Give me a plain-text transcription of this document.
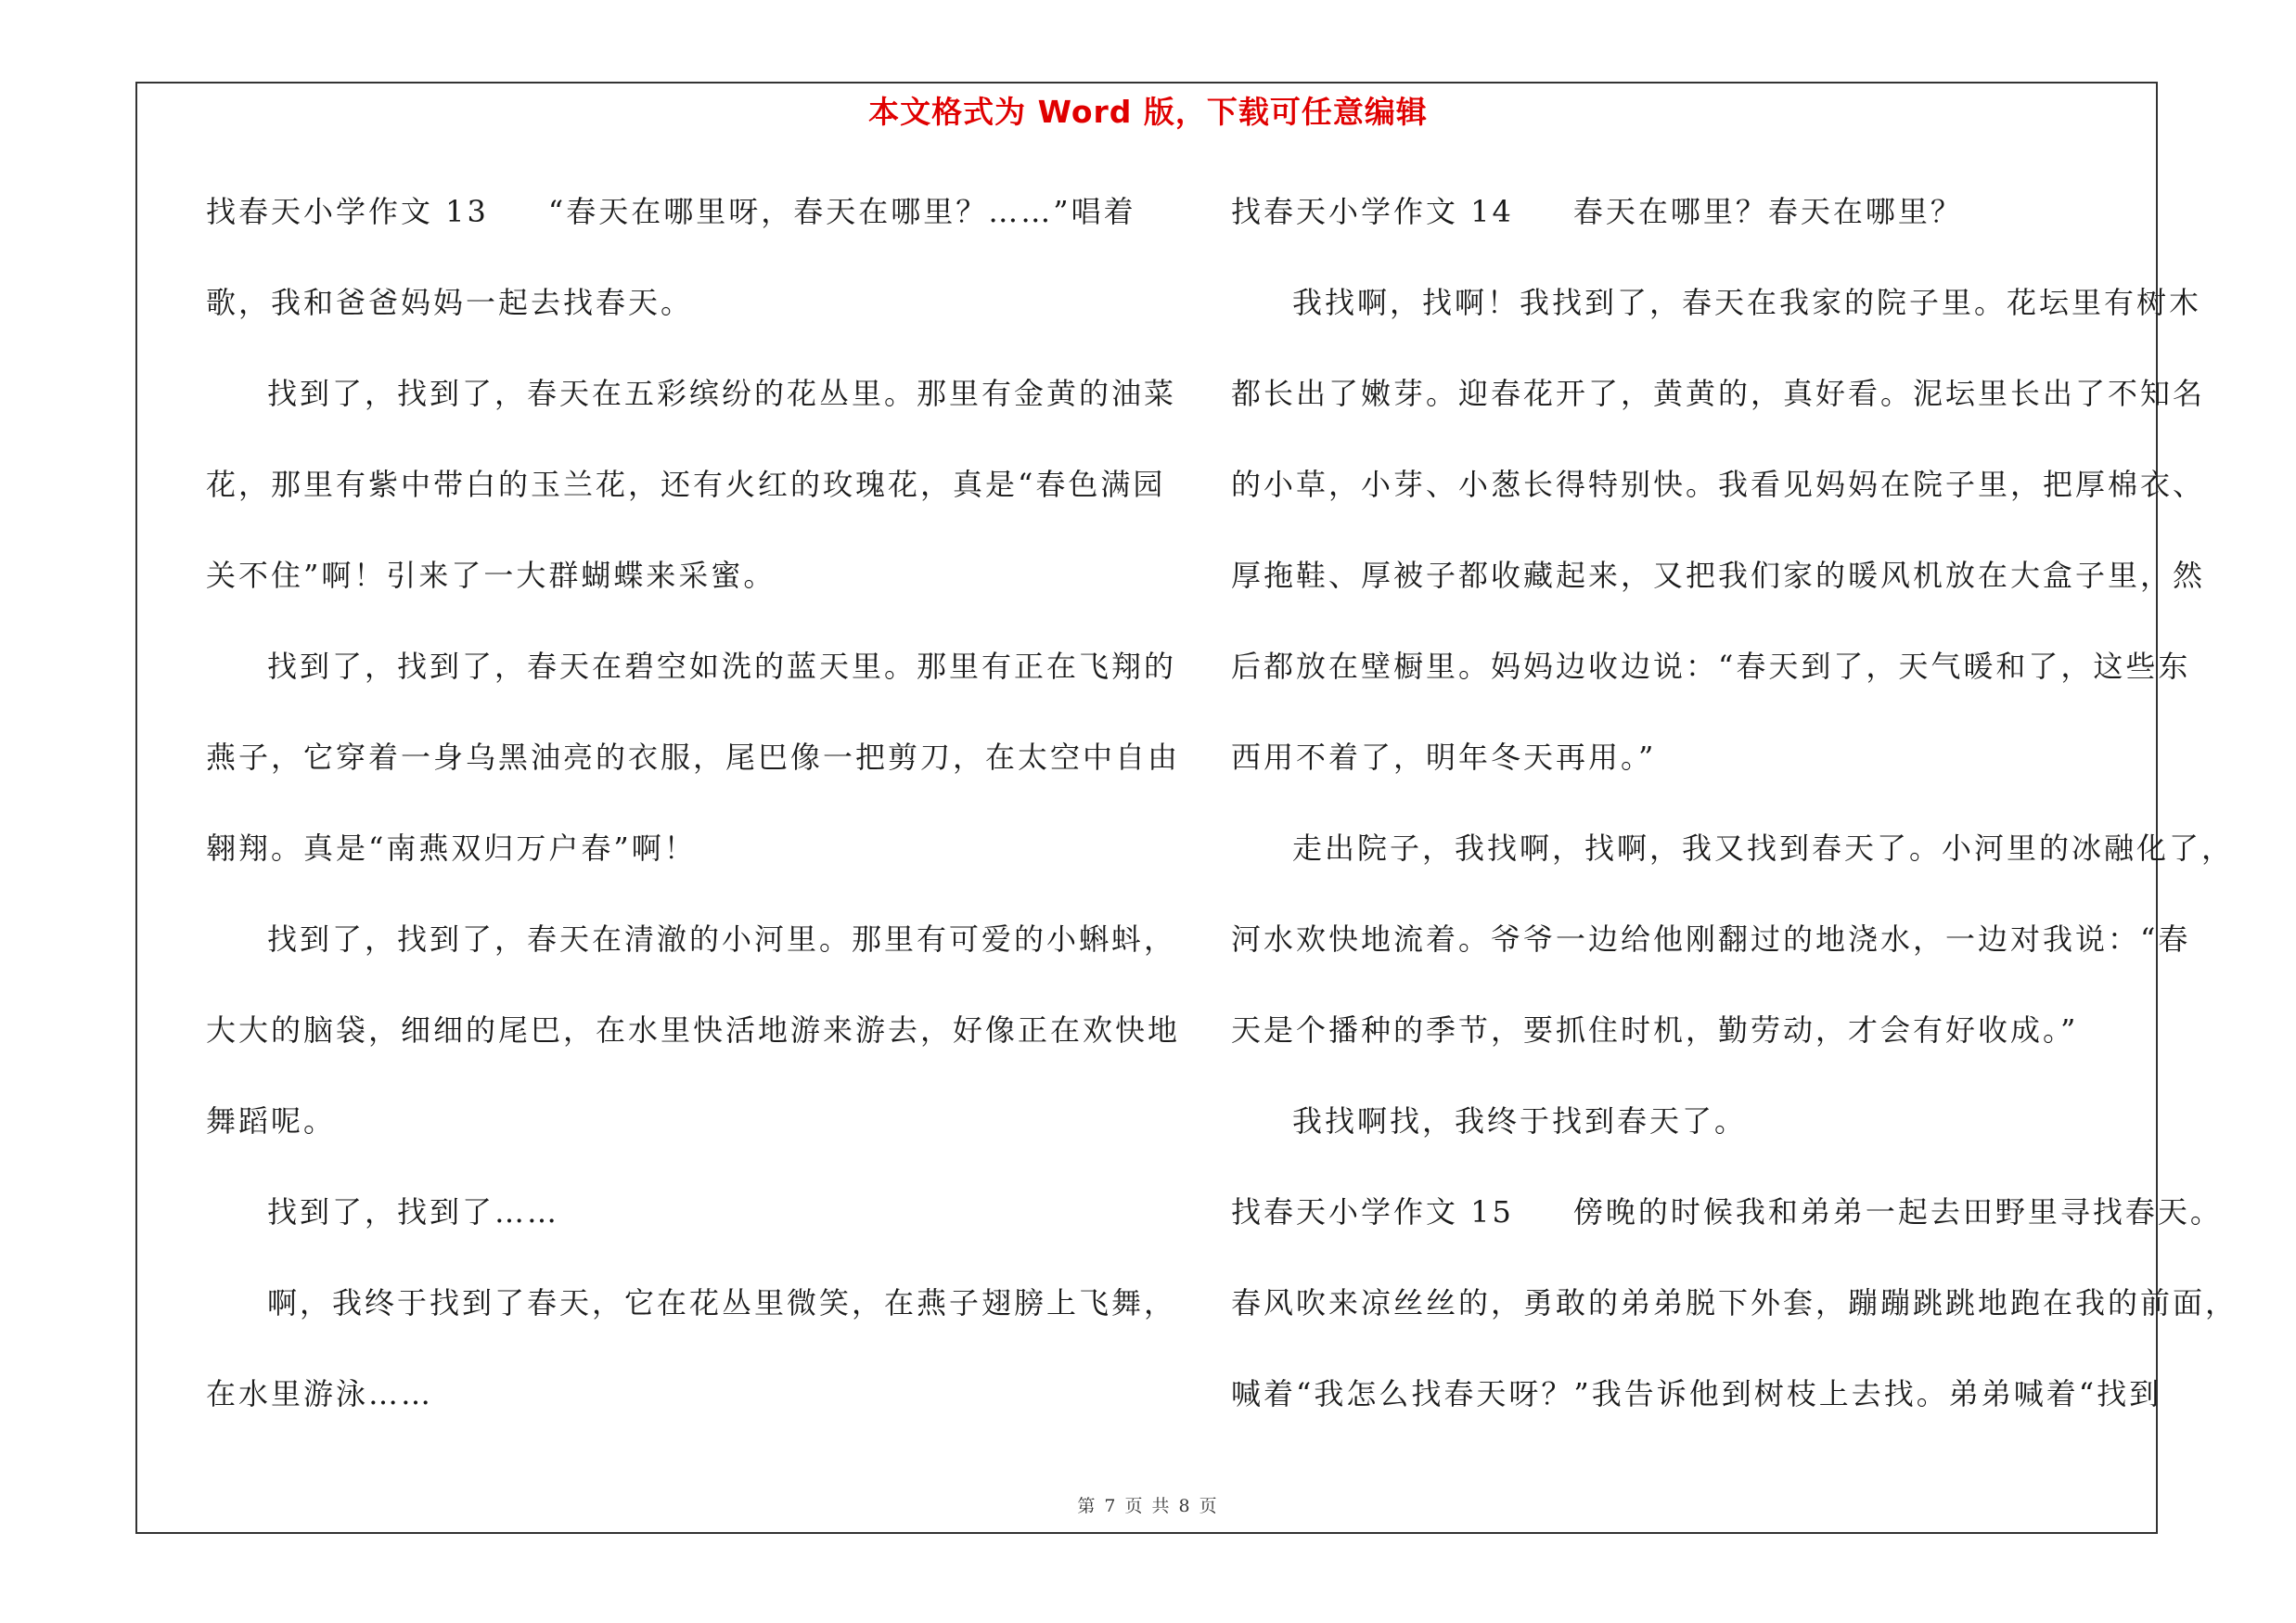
本文格式为 Word 版，下载可任意编辑
找春天小学作文 13 “春天在哪里呀，春天在哪里？……”唱着
歌，我和爸爸妈妈一起去找春天。
找到了，找到了，春天在五彩缤纷的花丛里。那里有金黄的油菜
花，那里有紫中带白的玉兰花，还有火红的玫瑰花，真是“春色满园
关不住”啊！引来了一大群蝴蝶来采蜜。
找到了，找到了，春天在碧空如洗的蓝天里。那里有正在飞翔的
燕子，它穿着一身乌黑油亮的衣服，尾巴像一把剪刀，在太空中自由
翱翔。真是“南燕双归万户春”啊！
找到了，找到了，春天在清澈的小河里。那里有可爱的小蝌蚪，
大大的脑袋，细细的尾巴，在水里快活地游来游去，好像正在欢快地
舞蹈呢。
找到了，找到了……
啊，我终于找到了春天，它在花丛里微笑，在燕子翅膀上飞舞，
在水里游泳……
找春天小学作文 14 春天在哪里？春天在哪里？
我找啊，找啊！我找到了，春天在我家的院子里。花坛里有树木
都长出了嫩芽。迎春花开了，黄黄的，真好看。泥坛里长出了不知名
的小草，小芽、小葱长得特别快。我看见妈妈在院子里，把厚棉衣、
厚拖鞋、厚被子都收藏起来，又把我们家的暖风机放在大盒子里，然
后都放在壁橱里。妈妈边收边说：“春天到了，天气暖和了，这些东
西用不着了，明年冬天再用。”
走出院子，我找啊，找啊，我又找到春天了。小河里的冰融化了，
河水欢快地流着。爷爷一边给他刚翻过的地浇水，一边对我说：“春
天是个播种的季节，要抓住时机，勤劳动，才会有好收成。”
我找啊找，我终于找到春天了。
找春天小学作文 15 傍晚的时候我和弟弟一起去田野里寻找春天。
春风吹来凉丝丝的，勇敢的弟弟脱下外套，蹦蹦跳跳地跑在我的前面，
喊着“我怎么找春天呀？”我告诉他到树枝上去找。弟弟喊着“找到
第 7 页 共 8 页
